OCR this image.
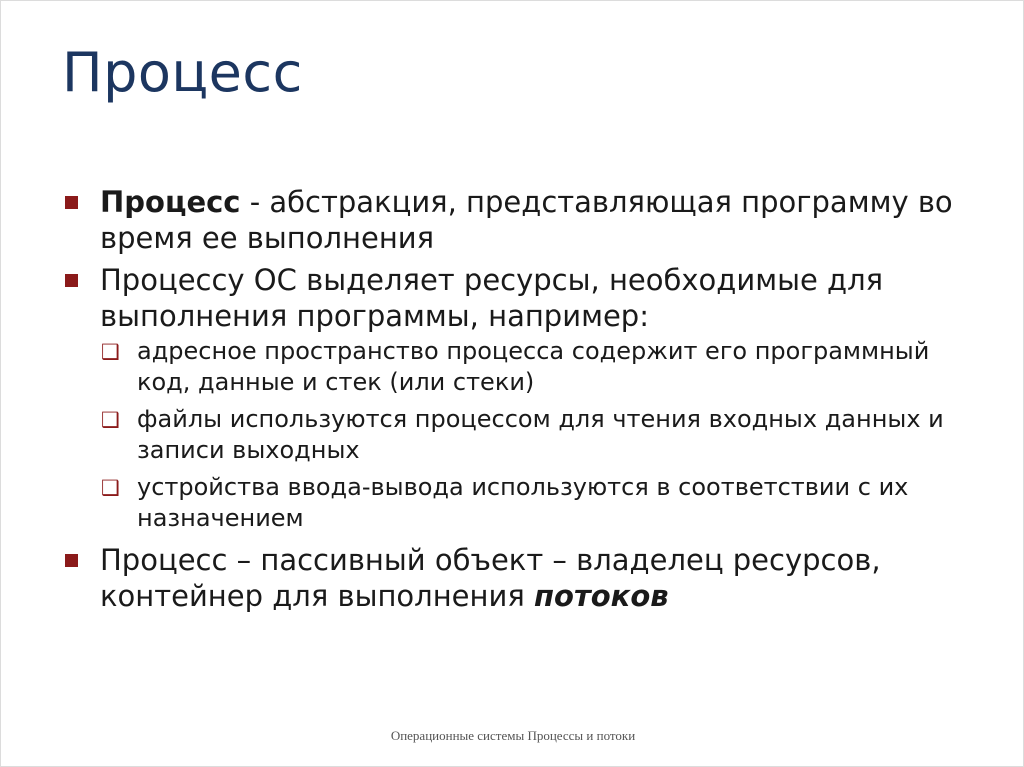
Процесс
Процесс - абстракция, представляющая программу во время ее выполнения
Процессу ОС выделяет ресурсы, необходимые для выполнения программы, например:
❑ адресное пространство процесса содержит его программный код, данные и стек (или стеки)
❑ файлы используются процессом для чтения входных данных и записи выходных
❑ устройства ввода-вывода используются в соответствии с их назначением
Процесс – пассивный объект – владелец ресурсов, контейнер для выполнения потоков
Операционные системы Процессы и потоки
